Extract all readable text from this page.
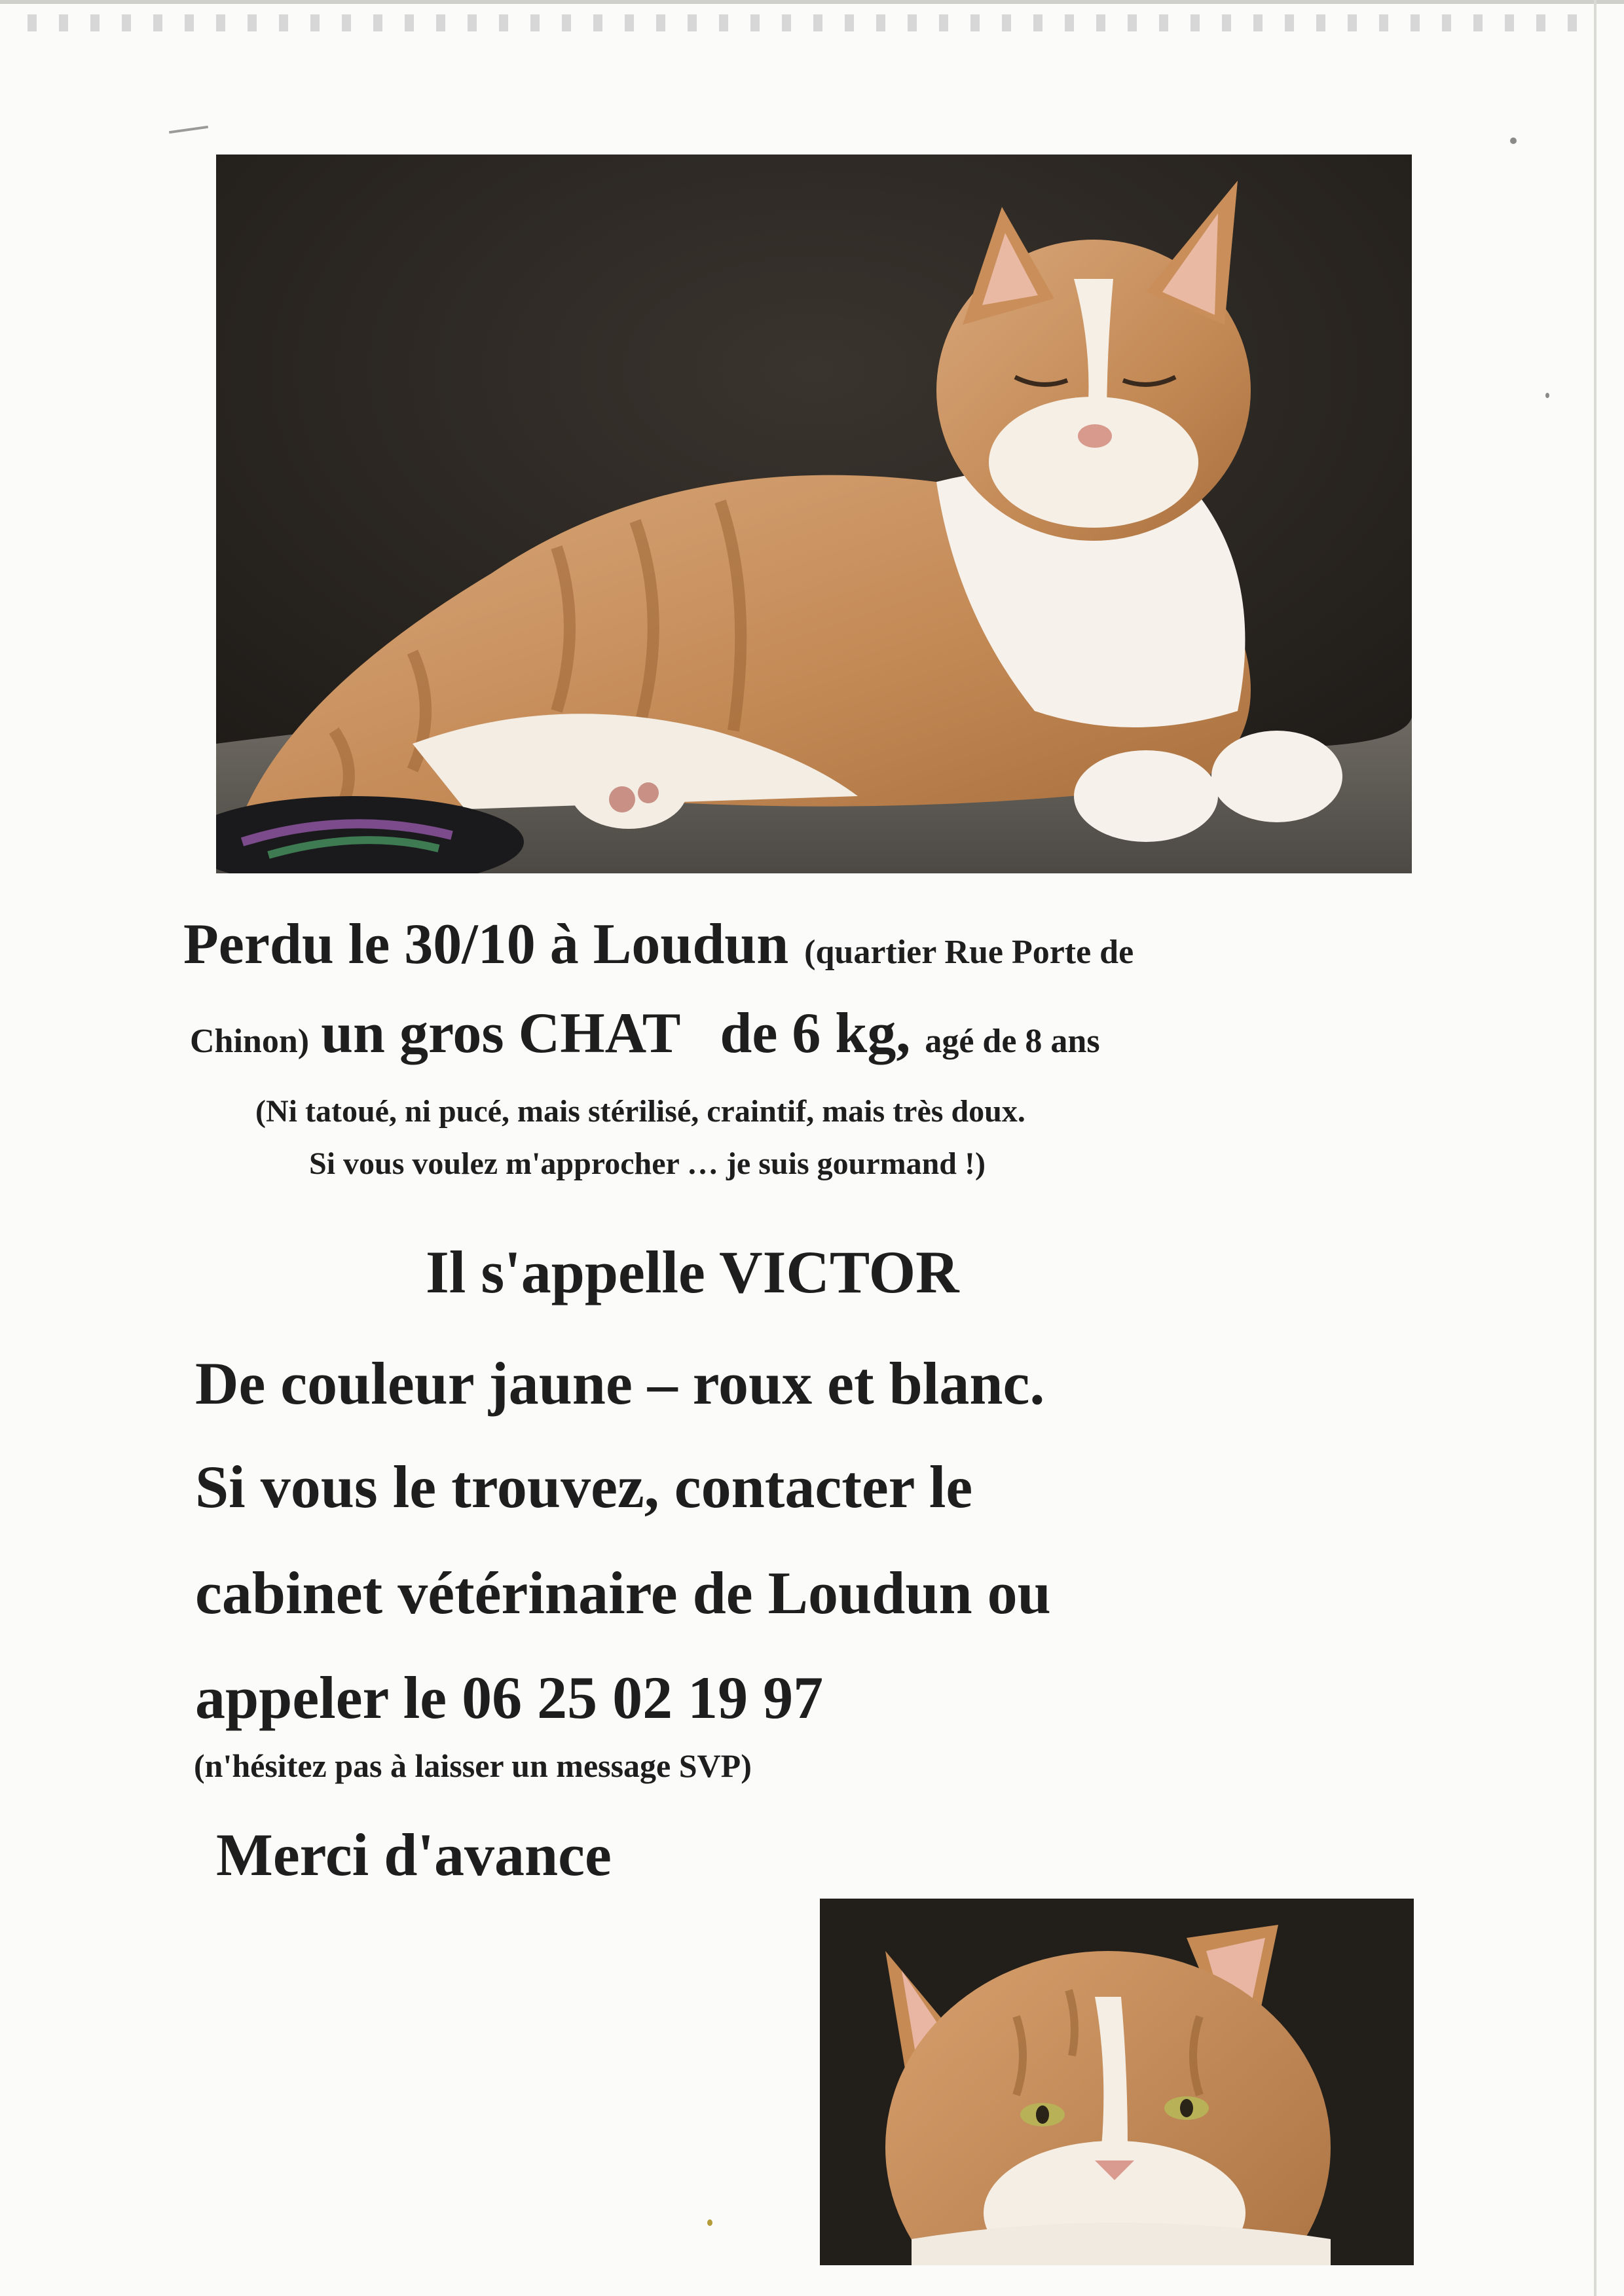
Perdu le 30/10 à Loudun (quartier Rue Porte de
Chinon) un gros CHAT de 6 kg, agé de 8 ans
(Ni tatoué, ni pucé, mais stérilisé, craintif, mais très doux.
Si vous voulez m'approcher … je suis gourmand !)
Il s'appelle VICTOR
De couleur jaune – roux et blanc.
Si vous le trouvez, contacter le
cabinet vétérinaire de Loudun ou
appeler le 06 25 02 19 97
(n'hésitez pas à laisser un message SVP)
Merci d'avance
